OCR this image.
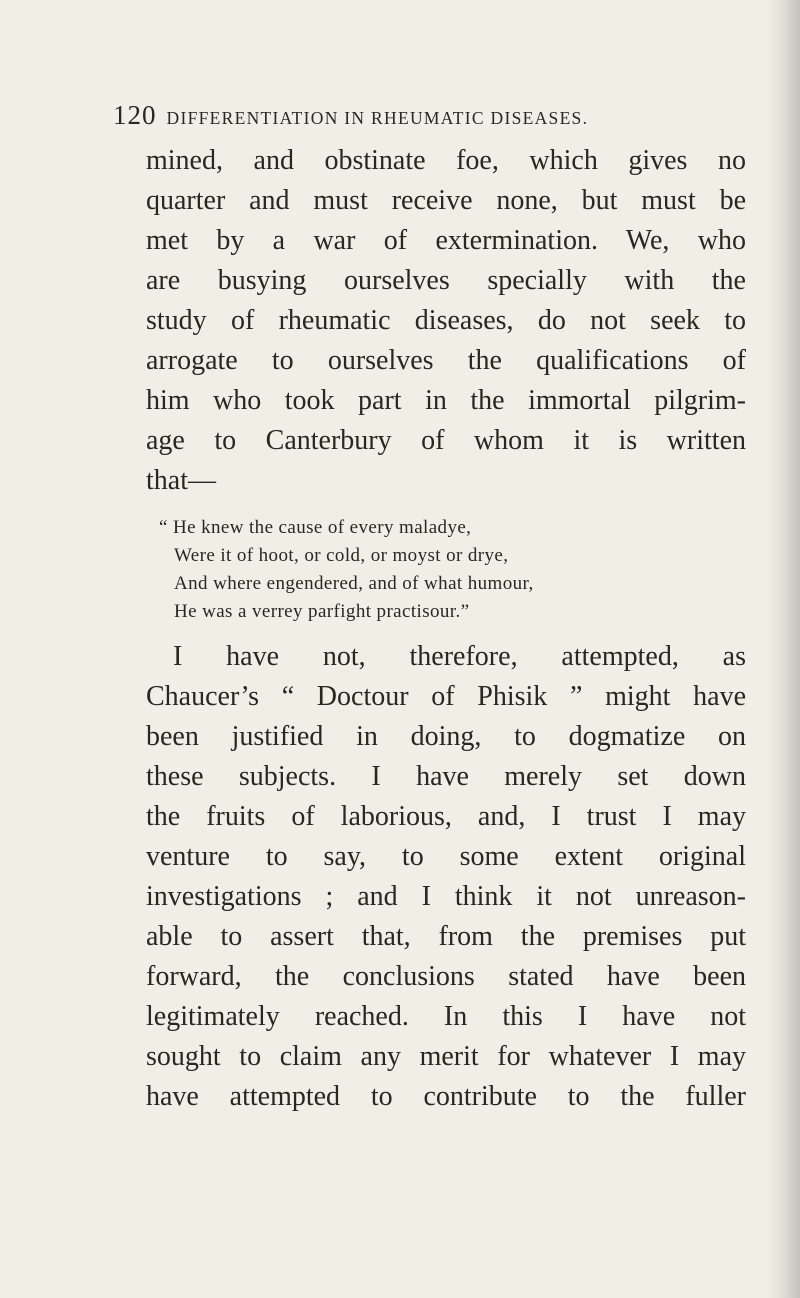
120 DIFFERENTIATION IN RHEUMATIC DISEASES.
mined, and obstinate foe, which gives no
quarter and must receive none, but must be
met by a war of extermination. We, who
are busying ourselves specially with the
study of rheumatic diseases, do not seek to
arrogate to ourselves the qualifications of
him who took part in the immortal pilgrim-
age to Canterbury of whom it is written
that—
“ He knew the cause of every maladye,
Were it of hoot, or cold, or moyst or drye,
And where engendered, and of what humour,
He was a verrey parfight practisour.”
I have not, therefore, attempted, as
Chaucer’s “ Doctour of Phisik ” might have
been justified in doing, to dogmatize on
these subjects. I have merely set down
the fruits of laborious, and, I trust I may
venture to say, to some extent original
investigations ; and I think it not unreason-
able to assert that, from the premises put
forward, the conclusions stated have been
legitimately reached. In this I have not
sought to claim any merit for whatever I may
have attempted to contribute to the fuller
